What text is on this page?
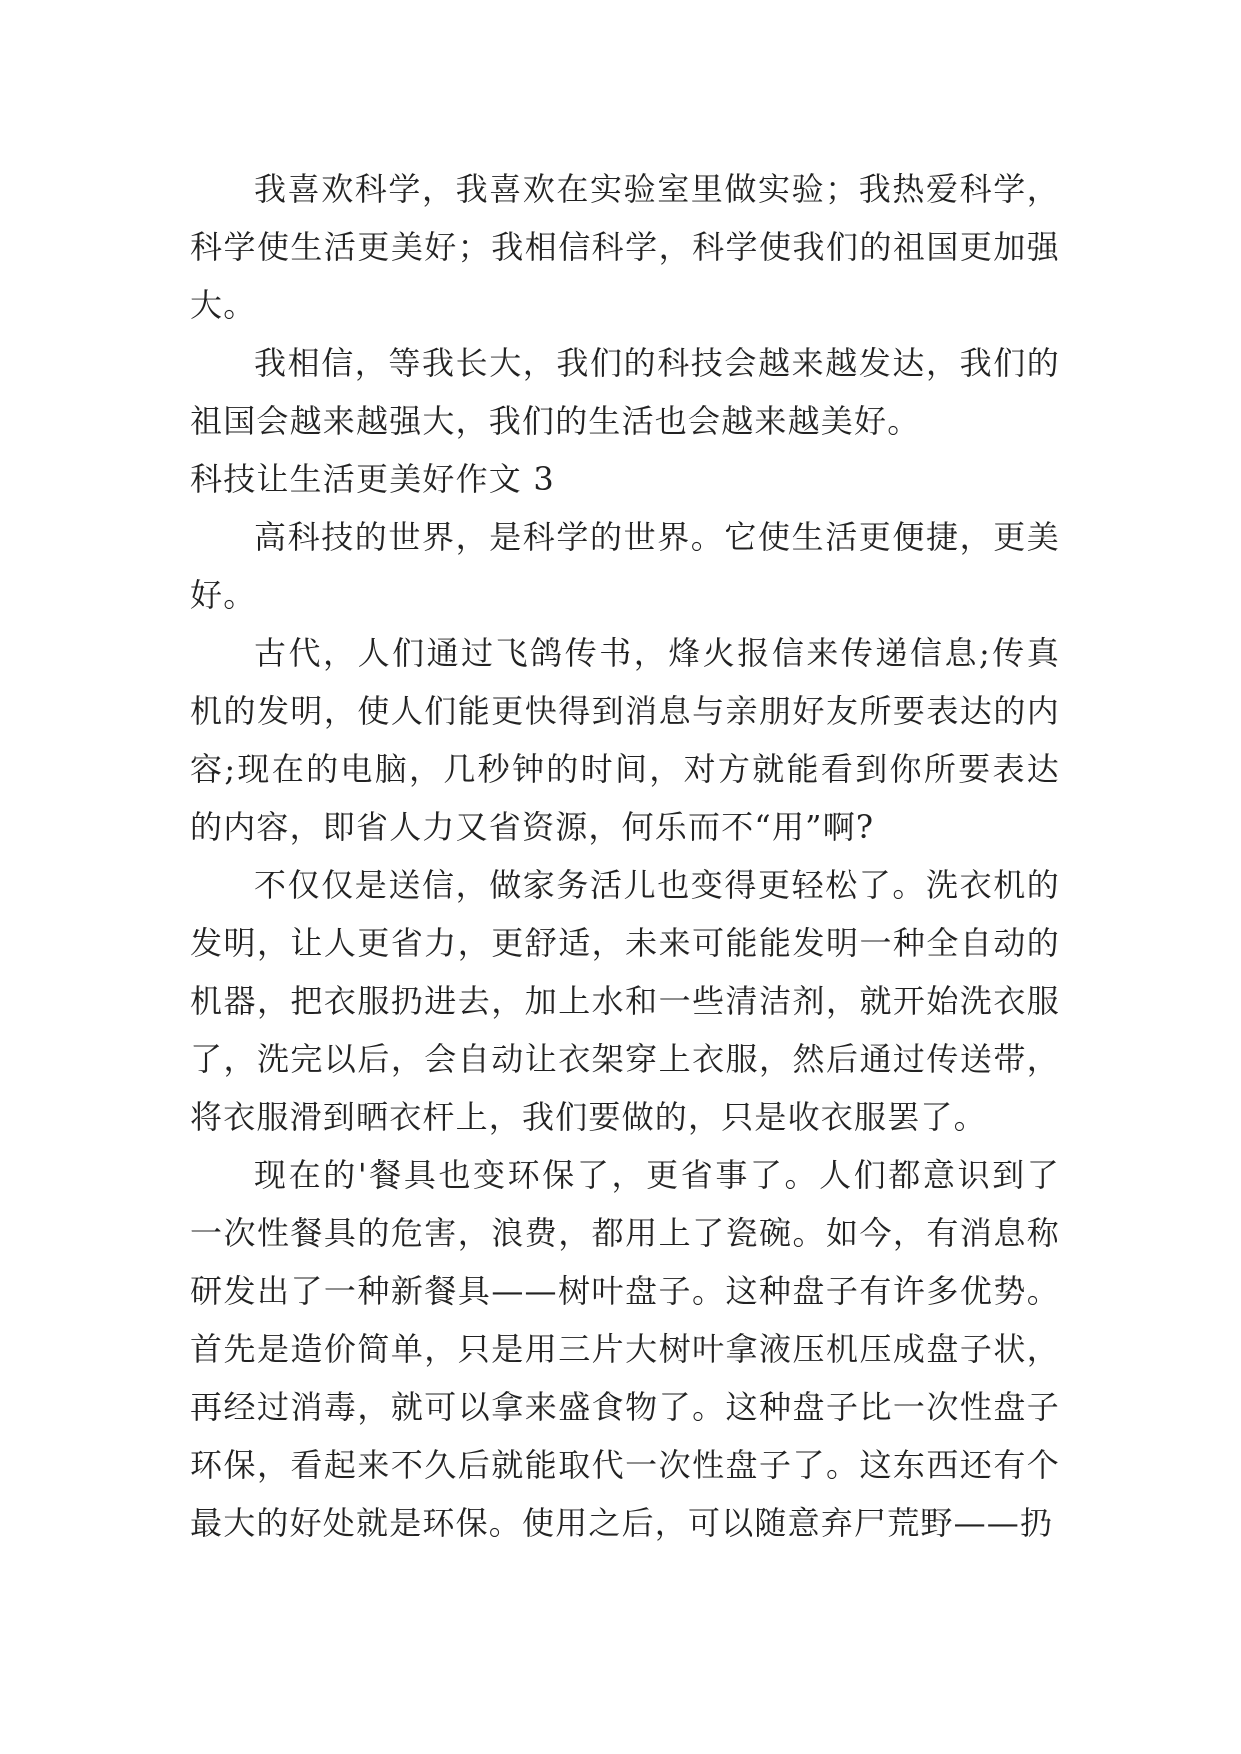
我喜欢科学，我喜欢在实验室里做实验；我热爱科学，科学使生活更美好；我相信科学，科学使我们的祖国更加强大。

我相信，等我长大，我们的科技会越来越发达，我们的祖国会越来越强大，我们的生活也会越来越美好。

科技让生活更美好作文 3

高科技的世界，是科学的世界。它使生活更便捷，更美好。

古代，人们通过飞鸽传书，烽火报信来传递信息;传真机的发明，使人们能更快得到消息与亲朋好友所要表达的内容;现在的电脑，几秒钟的时间，对方就能看到你所要表达的内容，即省人力又省资源，何乐而不“用”啊?

不仅仅是送信，做家务活儿也变得更轻松了。洗衣机的发明，让人更省力，更舒适，未来可能能发明一种全自动的机器，把衣服扔进去，加上水和一些清洁剂，就开始洗衣服了，洗完以后，会自动让衣架穿上衣服，然后通过传送带，将衣服滑到晒衣杆上，我们要做的，只是收衣服罢了。

现在的'餐具也变环保了，更省事了。人们都意识到了一次性餐具的危害，浪费，都用上了瓷碗。如今，有消息称研发出了一种新餐具——树叶盘子。这种盘子有许多优势。首先是造价简单，只是用三片大树叶拿液压机压成盘子状，再经过消毒，就可以拿来盛食物了。这种盘子比一次性盘子环保，看起来不久后就能取代一次性盘子了。这东西还有个最大的好处就是环保。使用之后，可以随意弃尸荒野——扔
